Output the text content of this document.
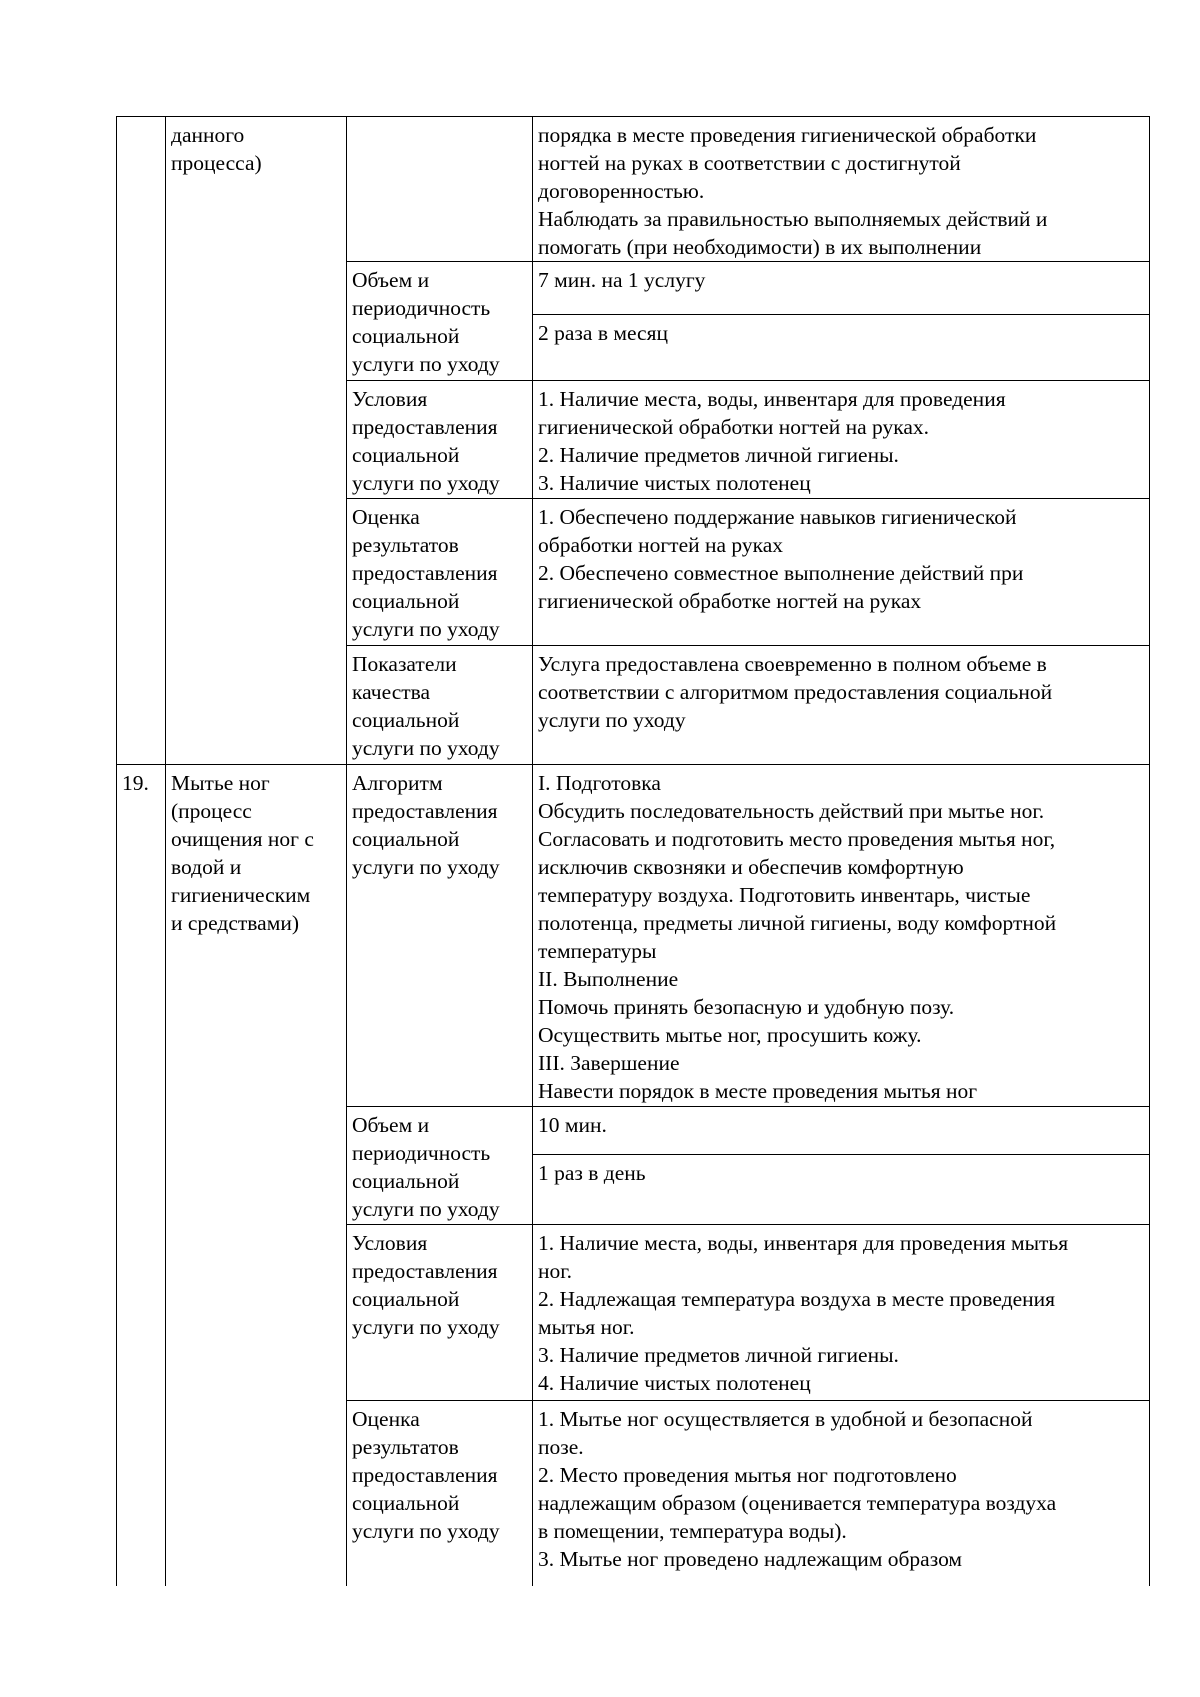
данного
процесса)

порядка в месте проведения гигиенической обработки
ногтей на руках в соответствии с достигнутой
договоренностью.
Наблюдать за правильностью выполняемых действий и
помогать (при необходимости) в их выполнении

Объем и
периодичность
социальной
услуги по уходу

7 мин. на 1 услугу

2 раза в месяц

Условия
предоставления
социальной
услуги по уходу

1. Наличие места, воды, инвентаря для проведения
гигиенической обработки ногтей на руках.
2. Наличие предметов личной гигиены.
3. Наличие чистых полотенец

Оценка
результатов
предоставления
социальной
услуги по уходу

1. Обеспечено поддержание навыков гигиенической
обработки ногтей на руках
2. Обеспечено совместное выполнение действий при
гигиенической обработке ногтей на руках

Показатели
качества
социальной
услуги по уходу

Услуга предоставлена своевременно в полном объеме в
соответствии с алгоритмом предоставления социальной
услуги по уходу

19. Мытье ног
(процесс
очищения ног с
водой и
гигиеническим
и средствами)

Алгоритм
предоставления
социальной
услуги по уходу

I. Подготовка
Обсудить последовательность действий при мытье ног.
Согласовать и подготовить место проведения мытья ног,
исключив сквозняки и обеспечив комфортную
температуру воздуха. Подготовить инвентарь, чистые
полотенца, предметы личной гигиены, воду комфортной
температуры
II. Выполнение
Помочь принять безопасную и удобную позу.
Осуществить мытье ног, просушить кожу.
III. Завершение
Навести порядок в месте проведения мытья ног

Объем и
периодичность
социальной
услуги по уходу

10 мин.

1 раз в день

Условия
предоставления
социальной
услуги по уходу

1. Наличие места, воды, инвентаря для проведения мытья
ног.
2. Надлежащая температура воздуха в месте проведения
мытья ног.
3. Наличие предметов личной гигиены.
4. Наличие чистых полотенец

Оценка
результатов
предоставления
социальной
услуги по уходу

1. Мытье ног осуществляется в удобной и безопасной
позе.
2. Место проведения мытья ног подготовлено
надлежащим образом (оценивается температура воздуха
в помещении, температура воды).
3. Мытье ног проведено надлежащим образом
